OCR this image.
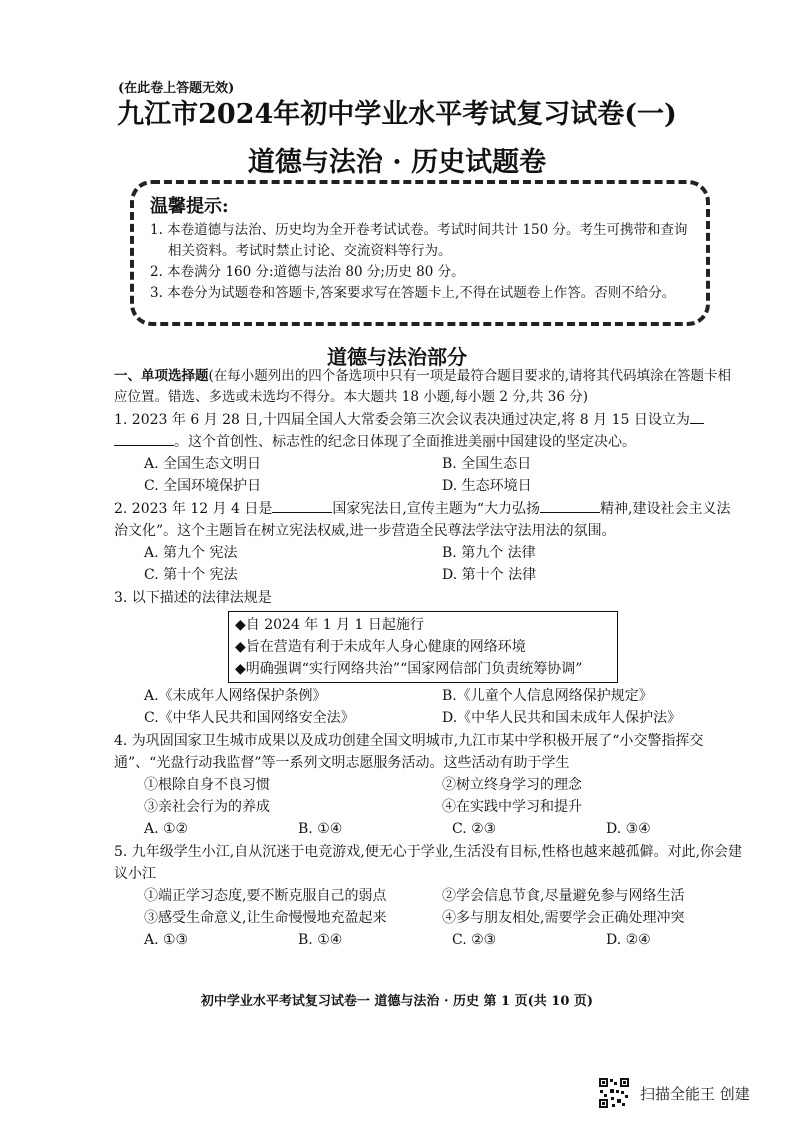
(在此卷上答题无效)
九江市2024年初中学业水平考试复习试卷(一)
道德与法治 · 历史试题卷
温馨提示:
1. 本卷道德与法治、历史均为全开卷考试试卷。考试时间共计 150 分。考生可携带和查询相关资料。考试时禁止讨论、交流资料等行为。
2. 本卷满分 160 分:道德与法治 80 分;历史 80 分。
3. 本卷分为试题卷和答题卡,答案要求写在答题卡上,不得在试题卷上作答。否则不给分。
道德与法治部分
一、单项选择题(在每小题列出的四个备选项中只有一项是最符合题目要求的,请将其代码填涂在答题卡相应位置。错选、多选或未选均不得分。本大题共 18 小题,每小题 2 分,共 36 分)
1. 2023 年 6 月 28 日,十四届全国人大常委会第三次会议表决通过决定,将 8 月 15 日设立为。这个首创性、标志性的纪念日体现了全面推进美丽中国建设的坚定决心。
A. 全国生态文明日	B. 全国生态日
C. 全国环境保护日	D. 生态环境日
2. 2023 年 12 月 4 日是	国家宪法日,宣传主题为“大力弘扬	精神,建设社会主义法治文化”。这个主题旨在树立宪法权威,进一步营造全民尊法学法守法用法的氛围。
A. 第九个 宪法	B. 第九个 法律
C. 第十个 宪法	D. 第十个 法律
3. 以下描述的法律法规是
◆自 2024 年 1 月 1 日起施行
◆旨在营造有利于未成年人身心健康的网络环境
◆明确强调“实行网络共治”“国家网信部门负责统筹协调”
A.《未成年人网络保护条例》	B.《儿童个人信息网络保护规定》
C.《中华人民共和国网络安全法》	D.《中华人民共和国未成年人保护法》
4. 为巩固国家卫生城市成果以及成功创建全国文明城市,九江市某中学积极开展了“小交警指挥交通”、“光盘行动我监督”等一系列文明志愿服务活动。这些活动有助于学生
①根除自身不良习惯	②树立终身学习的理念
③亲社会行为的养成	④在实践中学习和提升
A. ①②	B. ①④	C. ②③	D. ③④
5. 九年级学生小江,自从沉迷于电竞游戏,便无心于学业,生活没有目标,性格也越来越孤僻。对此,你会建议小江
①端正学习态度,要不断克服自己的弱点	②学会信息节食,尽量避免参与网络生活
③感受生命意义,让生命慢慢地充盈起来	④多与朋友相处,需要学会正确处理冲突
A. ①③	B. ①④	C. ②③	D. ②④
初中学业水平考试复习试卷一 道德与法治 · 历史 第 1 页(共 10 页)
扫描全能王 创建
